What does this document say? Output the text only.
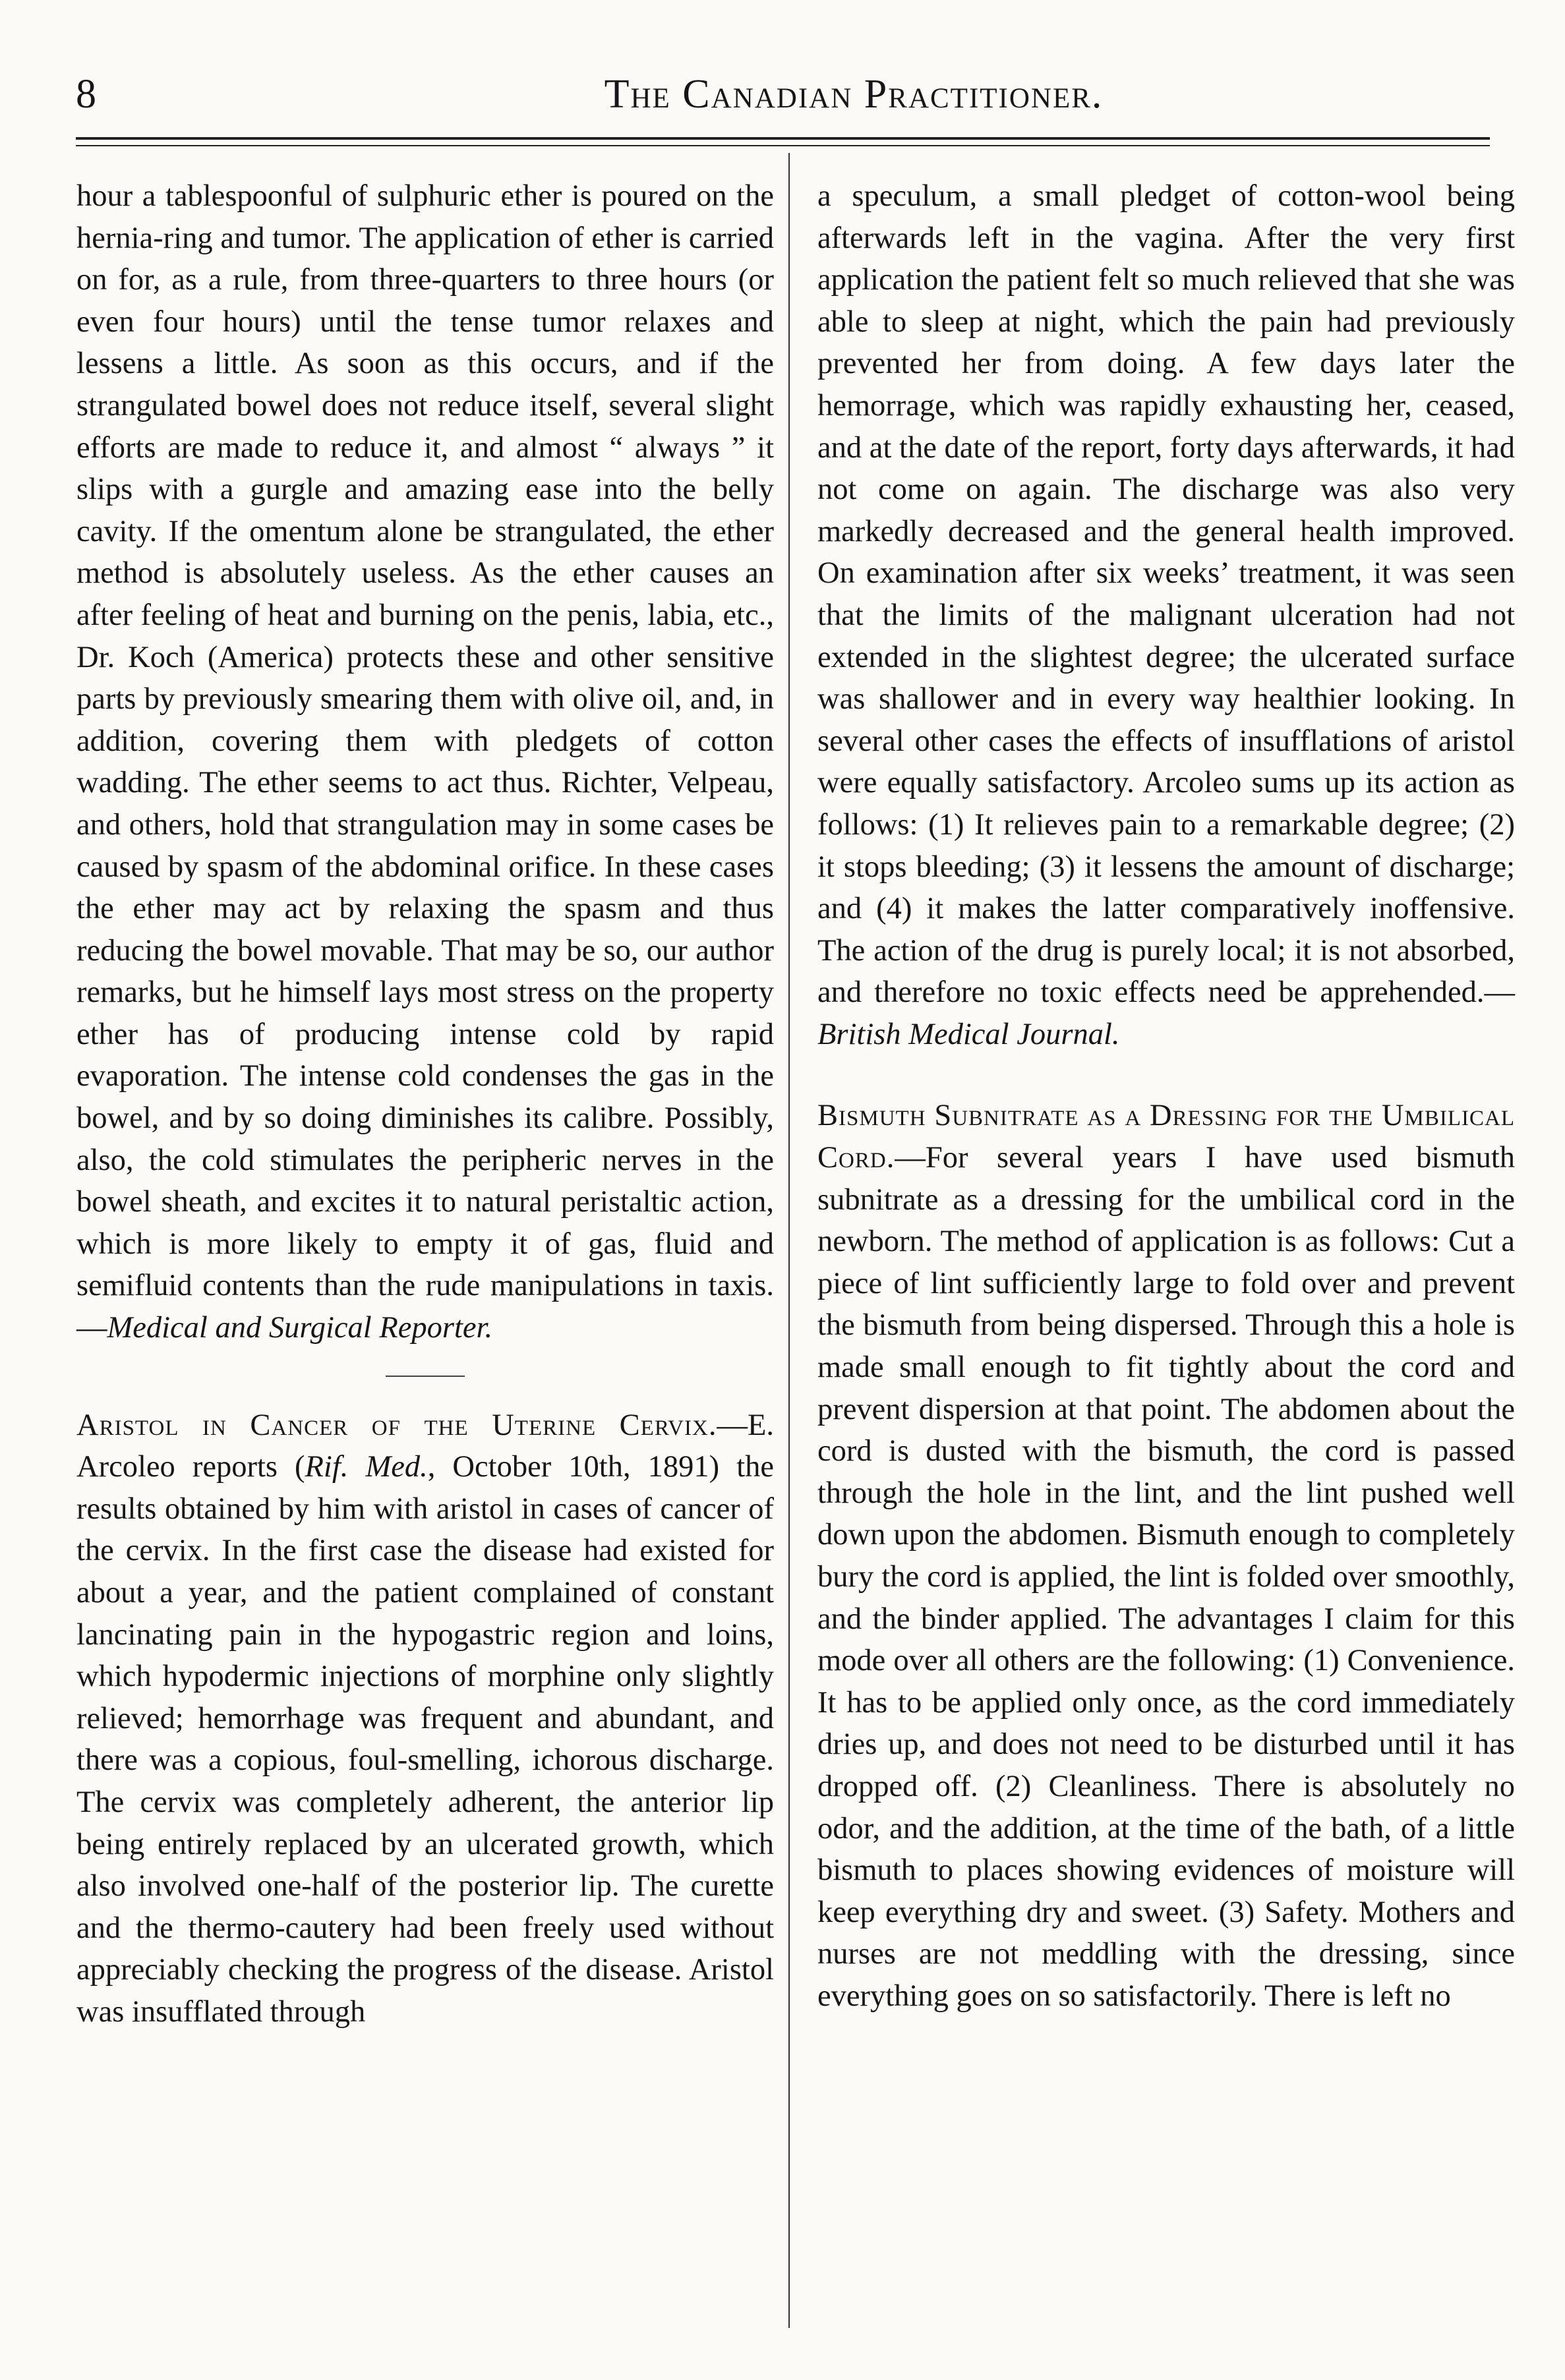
8	The Canadian Practitioner.

hour a tablespoonful of sulphuric ether is poured on the hernia-ring and tumor. The application of ether is carried on for, as a rule, from three-quarters to three hours (or even four hours) until the tense tumor relaxes and lessens a little. As soon as this occurs, and if the strangulated bowel does not reduce itself, several slight efforts are made to reduce it, and almost “ always ” it slips with a gurgle and amazing ease into the belly cavity. If the omentum alone be strangulated, the ether method is absolutely useless. As the ether causes an after feeling of heat and burning on the penis, labia, etc., Dr. Koch (America) protects these and other sensitive parts by previously smearing them with olive oil, and, in addition, covering them with pledgets of cotton wadding. The ether seems to act thus. Richter, Velpeau, and others, hold that strangulation may in some cases be caused by spasm of the abdominal orifice. In these cases the ether may act by relaxing the spasm and thus reducing the bowel movable. That may be so, our author remarks, but he himself lays most stress on the property ether has of producing intense cold by rapid evaporation. The intense cold condenses the gas in the bowel, and by so doing diminishes its calibre. Possibly, also, the cold stimulates the peripheric nerves in the bowel sheath, and excites it to natural peristaltic action, which is more likely to empty it of gas, fluid and semifluid contents than the rude manipulations in taxis.—Medical and Surgical Reporter.

Aristol in Cancer of the Uterine Cervix.—E. Arcoleo reports (Rif. Med., October 10th, 1891) the results obtained by him with aristol in cases of cancer of the cervix. In the first case the disease had existed for about a year, and the patient complained of constant lancinating pain in the hypogastric region and loins, which hypodermic injections of morphine only slightly relieved; hemorrhage was frequent and abundant, and there was a copious, foul-smelling, ichorous discharge. The cervix was completely adherent, the anterior lip being entirely replaced by an ulcerated growth, which also involved one-half of the posterior lip. The curette and the thermo-cautery had been freely used without appreciably checking the progress of the disease. Aristol was insufflated through

a speculum, a small pledget of cotton-wool being afterwards left in the vagina. After the very first application the patient felt so much relieved that she was able to sleep at night, which the pain had previously prevented her from doing. A few days later the hemorrage, which was rapidly exhausting her, ceased, and at the date of the report, forty days afterwards, it had not come on again. The discharge was also very markedly decreased and the general health improved. On examination after six weeks’ treatment, it was seen that the limits of the malignant ulceration had not extended in the slightest degree; the ulcerated surface was shallower and in every way healthier looking. In several other cases the effects of insufflations of aristol were equally satisfactory. Arcoleo sums up its action as follows: (1) It relieves pain to a remarkable degree; (2) it stops bleeding; (3) it lessens the amount of discharge; and (4) it makes the latter comparatively inoffensive. The action of the drug is purely local; it is not absorbed, and therefore no toxic effects need be apprehended.—British Medical Journal.

Bismuth Subnitrate as a Dressing for the Umbilical Cord.—For several years I have used bismuth subnitrate as a dressing for the umbilical cord in the newborn. The method of application is as follows: Cut a piece of lint sufficiently large to fold over and prevent the bismuth from being dispersed. Through this a hole is made small enough to fit tightly about the cord and prevent dispersion at that point. The abdomen about the cord is dusted with the bismuth, the cord is passed through the hole in the lint, and the lint pushed well down upon the abdomen. Bismuth enough to completely bury the cord is applied, the lint is folded over smoothly, and the binder applied. The advantages I claim for this mode over all others are the following: (1) Convenience. It has to be applied only once, as the cord immediately dries up, and does not need to be disturbed until it has dropped off. (2) Cleanliness. There is absolutely no odor, and the addition, at the time of the bath, of a little bismuth to places showing evidences of moisture will keep everything dry and sweet. (3) Safety. Mothers and nurses are not meddling with the dressing, since everything goes on so satisfactorily. There is left no
